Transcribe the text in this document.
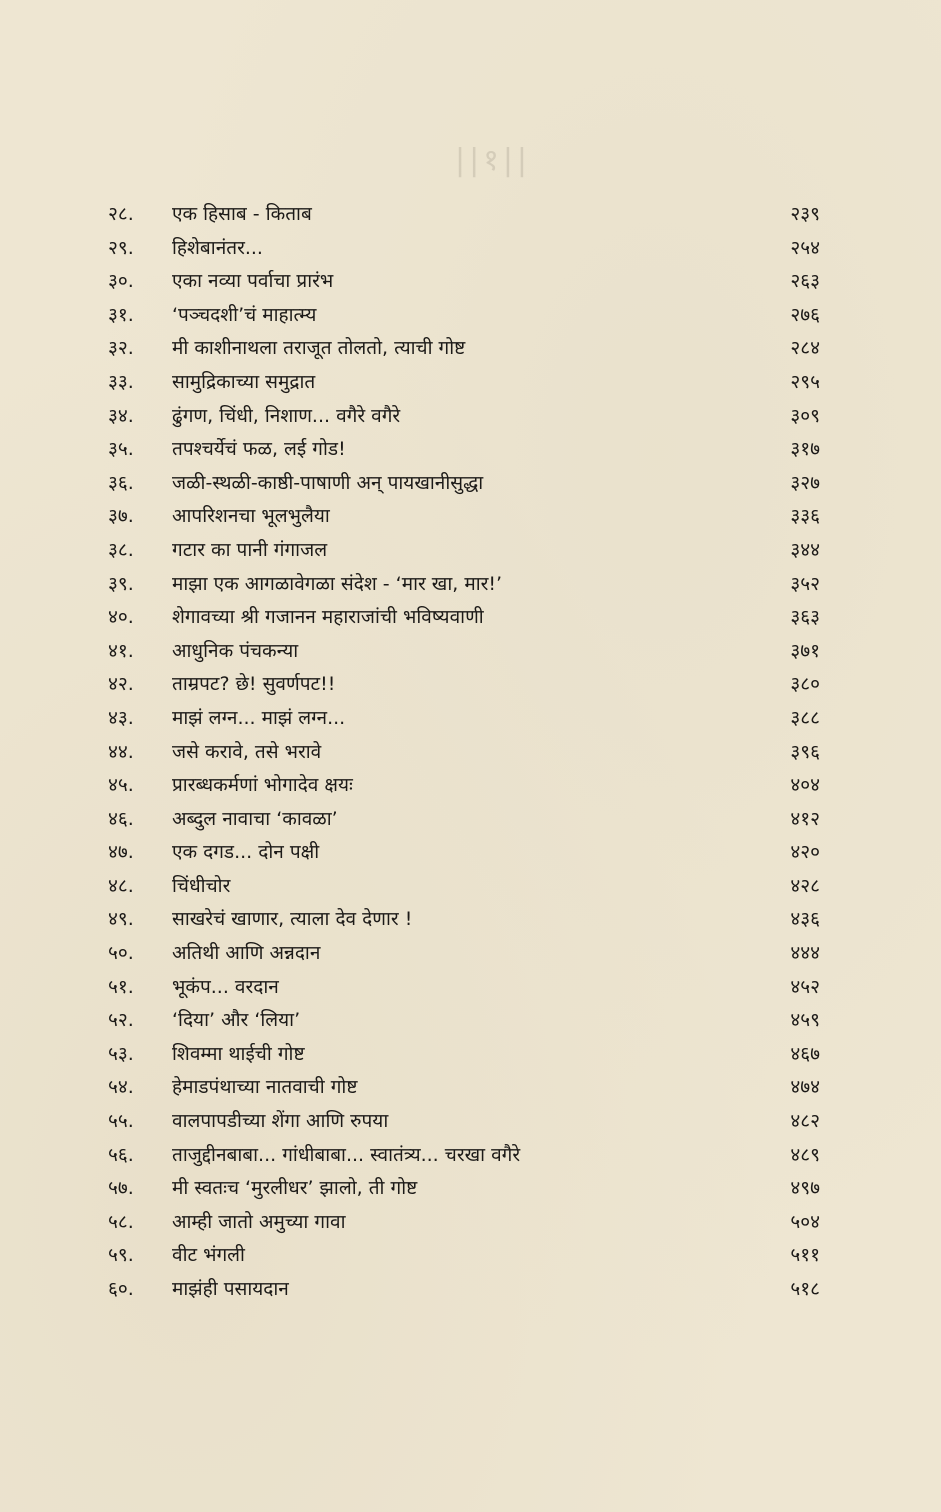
||१||
२८.	एक हिसाब - किताब	२३९
२९.	हिशेबानंतर...	२५४
३०.	एका नव्या पर्वाचा प्रारंभ	२६३
३१.	‘पञ्चदशी’चं माहात्म्य	२७६
३२.	मी काशीनाथला तराजूत तोलतो, त्याची गोष्ट	२८४
३३.	सामुद्रिकाच्या समुद्रात	२९५
३४.	ढुंगण, चिंधी, निशाण... वगैरे वगैरे	३०९
३५.	तपश्चर्येचं फळ, लई गोड!	३१७
३६.	जळी-स्थळी-काष्ठी-पाषाणी अन् पायखानीसुद्धा	३२७
३७.	आपरिशनचा भूलभुलैया	३३६
३८.	गटार का पानी गंगाजल	३४४
३९.	माझा एक आगळावेगळा संदेश - ‘मार खा, मार!’	३५२
४०.	शेगावच्या श्री गजानन महाराजांची भविष्यवाणी	३६३
४१.	आधुनिक पंचकन्या	३७१
४२.	ताम्रपट? छे! सुवर्णपट!!	३८०
४३.	माझं लग्न... माझं लग्न...	३८८
४४.	जसे करावे, तसे भरावे	३९६
४५.	प्रारब्धकर्मणां भोगादेव क्षयः	४०४
४६.	अब्दुल नावाचा ‘कावळा’	४१२
४७.	एक दगड... दोन पक्षी	४२०
४८.	चिंधीचोर	४२८
४९.	साखरेचं खाणार, त्याला देव देणार !	४३६
५०.	अतिथी आणि अन्नदान	४४४
५१.	भूकंप... वरदान	४५२
५२.	‘दिया’ और ‘लिया’	४५९
५३.	शिवम्मा थाईची गोष्ट	४६७
५४.	हेमाडपंथाच्या नातवाची गोष्ट	४७४
५५.	वालपापडीच्या शेंगा आणि रुपया	४८२
५६.	ताजुद्दीनबाबा... गांधीबाबा... स्वातंत्र्य... चरखा वगैरे	४८९
५७.	मी स्वतःच ‘मुरलीधर’ झालो, ती गोष्ट	४९७
५८.	आम्ही जातो अमुच्या गावा	५०४
५९.	वीट भंगली	५११
६०.	माझंही पसायदान	५१८
